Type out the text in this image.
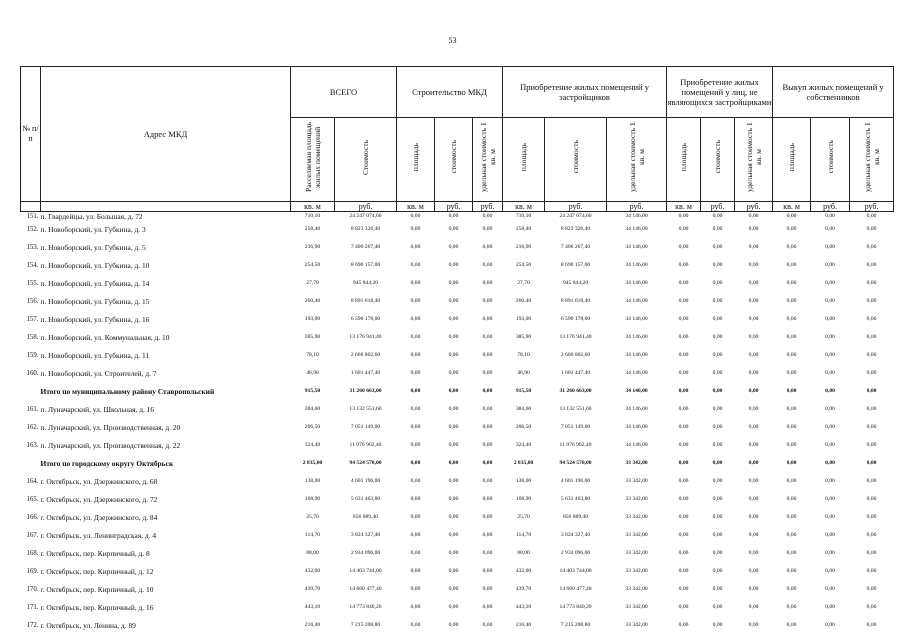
53
№ п/п	Адрес МКД	ВСЕГО		Строительство МКД			Приобретение жилых помещений у застройщиков			Приобретение жилых помещений у лиц, не являющихся застройщиками			Выкуп жилых помещений у собственников		
		Расселяемая площадь жилых помещений	Стоимость	площадь	стоимость	удельная стоимость 1 кв. м	площадь	стоимость	удельная стоимость 1 кв. м	площадь	стоимость	удельная стоимость 1 кв. м	площадь	стоимость	удельная стоимость 1 кв. м
		кв. м	руб.	кв. м	руб.	руб.	кв. м	руб.	руб.	кв. м	руб.	руб.	кв. м	руб.	руб.
151.	п. Гвардейцы, ул. Большая, д. 72	710,10	24 247 074,60	0,00	0,00	0,00	710,10	24 247 074,60	34 146,00	0,00	0,00	0,00	0,00	0,00	0,00
152.	п. Новоборский, ул. Губкина, д. 3	258,40	8 823 326,40	0,00	0,00	0,00	258,40	8 823 326,40	34 146,00	0,00	0,00	0,00	0,00	0,00	0,00
153.	п. Новоборский, ул. Губкина, д. 5	216,90	7 406 267,40	0,00	0,00	0,00	216,90	7 406 267,40	34 146,00	0,00	0,00	0,00	0,00	0,00	0,00
154.	п. Новоборский, ул. Губкина, д. 10	254,50	8 690 157,00	0,00	0,00	0,00	254,50	8 690 157,00	34 146,00	0,00	0,00	0,00	0,00	0,00	0,00
155.	п. Новоборский, ул. Губкина, д. 14	27,70	945 844,20	0,00	0,00	0,00	27,70	945 844,20	34 146,00	0,00	0,00	0,00	0,00	0,00	0,00
156.	п. Новоборский, ул. Губкина, д. 15	260,40	8 891 618,40	0,00	0,00	0,00	260,40	8 891 618,40	34 146,00	0,00	0,00	0,00	0,00	0,00	0,00
157.	п. Новоборский, ул. Губкина, д. 16	193,00	6 590 178,00	0,00	0,00	0,00	193,00	6 590 178,00	34 146,00	0,00	0,00	0,00	0,00	0,00	0,00
158.	п. Новоборский, ул. Коммунальная, д. 10	385,90	13 176 941,40	0,00	0,00	0,00	385,90	13 176 941,40	34 146,00	0,00	0,00	0,00	0,00	0,00	0,00
159.	п. Новоборский, ул. Губкина, д. 11	78,10	2 666 802,60	0,00	0,00	0,00	78,10	2 666 802,60	34 146,00	0,00	0,00	0,00	0,00	0,00	0,00
160.	п. Новоборский, ул. Строителей, д. 7	46,90	1 601 447,40	0,00	0,00	0,00	46,90	1 601 447,40	34 146,00	0,00	0,00	0,00	0,00	0,00	0,00
Итого по муниципальному району Ставропольский		915,50	31 260 663,00	0,00	0,00	0,00	915,50	31 260 663,00	34 146,00	0,00	0,00	0,00	0,00	0,00	0,00
161.	п. Луначарский, ул. Школьная, д. 16	384,60	13 132 551,60	0,00	0,00	0,00	384,60	13 132 551,60	34 146,00	0,00	0,00	0,00	0,00	0,00	0,00
162.	п. Луначарский, ул. Производственная, д. 20	206,50	7 051 149,00	0,00	0,00	0,00	206,50	7 051 149,00	34 146,00	0,00	0,00	0,00	0,00	0,00	0,00
163.	п. Луначарский, ул. Производственная, д. 22	324,40	11 076 962,40	0,00	0,00	0,00	324,40	11 076 962,40	34 146,00	0,00	0,00	0,00	0,00	0,00	0,00
Итого по городскому округу Октябрьск		2 835,00	94 524 570,00	0,00	0,00	0,00	2 835,00	94 524 570,00	33 342,00	0,00	0,00	0,00	0,00	0,00	0,00
164.	г. Октябрьск, ул. Дзержинского, д. 68	138,00	4 601 196,00	0,00	0,00	0,00	138,00	4 601 196,00	33 342,00	0,00	0,00	0,00	0,00	0,00	0,00
165.	г. Октябрьск, ул. Дзержинского, д. 72	168,90	5 631 463,80	0,00	0,00	0,00	168,90	5 631 463,80	33 342,00	0,00	0,00	0,00	0,00	0,00	0,00
166.	г. Октябрьск, ул. Дзержинского, д. 84	25,70	856 889,40	0,00	0,00	0,00	25,70	856 889,40	33 342,00	0,00	0,00	0,00	0,00	0,00	0,00
167.	г. Октябрьск, ул. Ленинградская, д. 4	114,70	3 824 327,40	0,00	0,00	0,00	114,70	3 824 327,40	33 342,00	0,00	0,00	0,00	0,00	0,00	0,00
168.	г. Октябрьск, пер. Кирпичный, д. 8	88,00	2 934 096,00	0,00	0,00	0,00	88,00	2 934 096,00	33 342,00	0,00	0,00	0,00	0,00	0,00	0,00
169.	г. Октябрьск, пер. Кирпичный, д. 12	432,00	14 403 744,00	0,00	0,00	0,00	432,00	14 403 744,00	33 342,00	0,00	0,00	0,00	0,00	0,00	0,00
170.	г. Октябрьск, пер. Кирпичный, д. 10	439,70	14 660 477,40	0,00	0,00	0,00	439,70	14 660 477,40	33 342,00	0,00	0,00	0,00	0,00	0,00	0,00
171.	г. Октябрьск, пер. Кирпичный, д. 16	443,10	14 773 840,20	0,00	0,00	0,00	443,10	14 773 840,20	33 342,00	0,00	0,00	0,00	0,00	0,00	0,00
172.	г. Октябрьск, ул. Ленина, д. 89	216,40	7 215 208,80	0,00	0,00	0,00	216,40	7 215 208,80	33 342,00	0,00	0,00	0,00	0,00	0,00	0,00
